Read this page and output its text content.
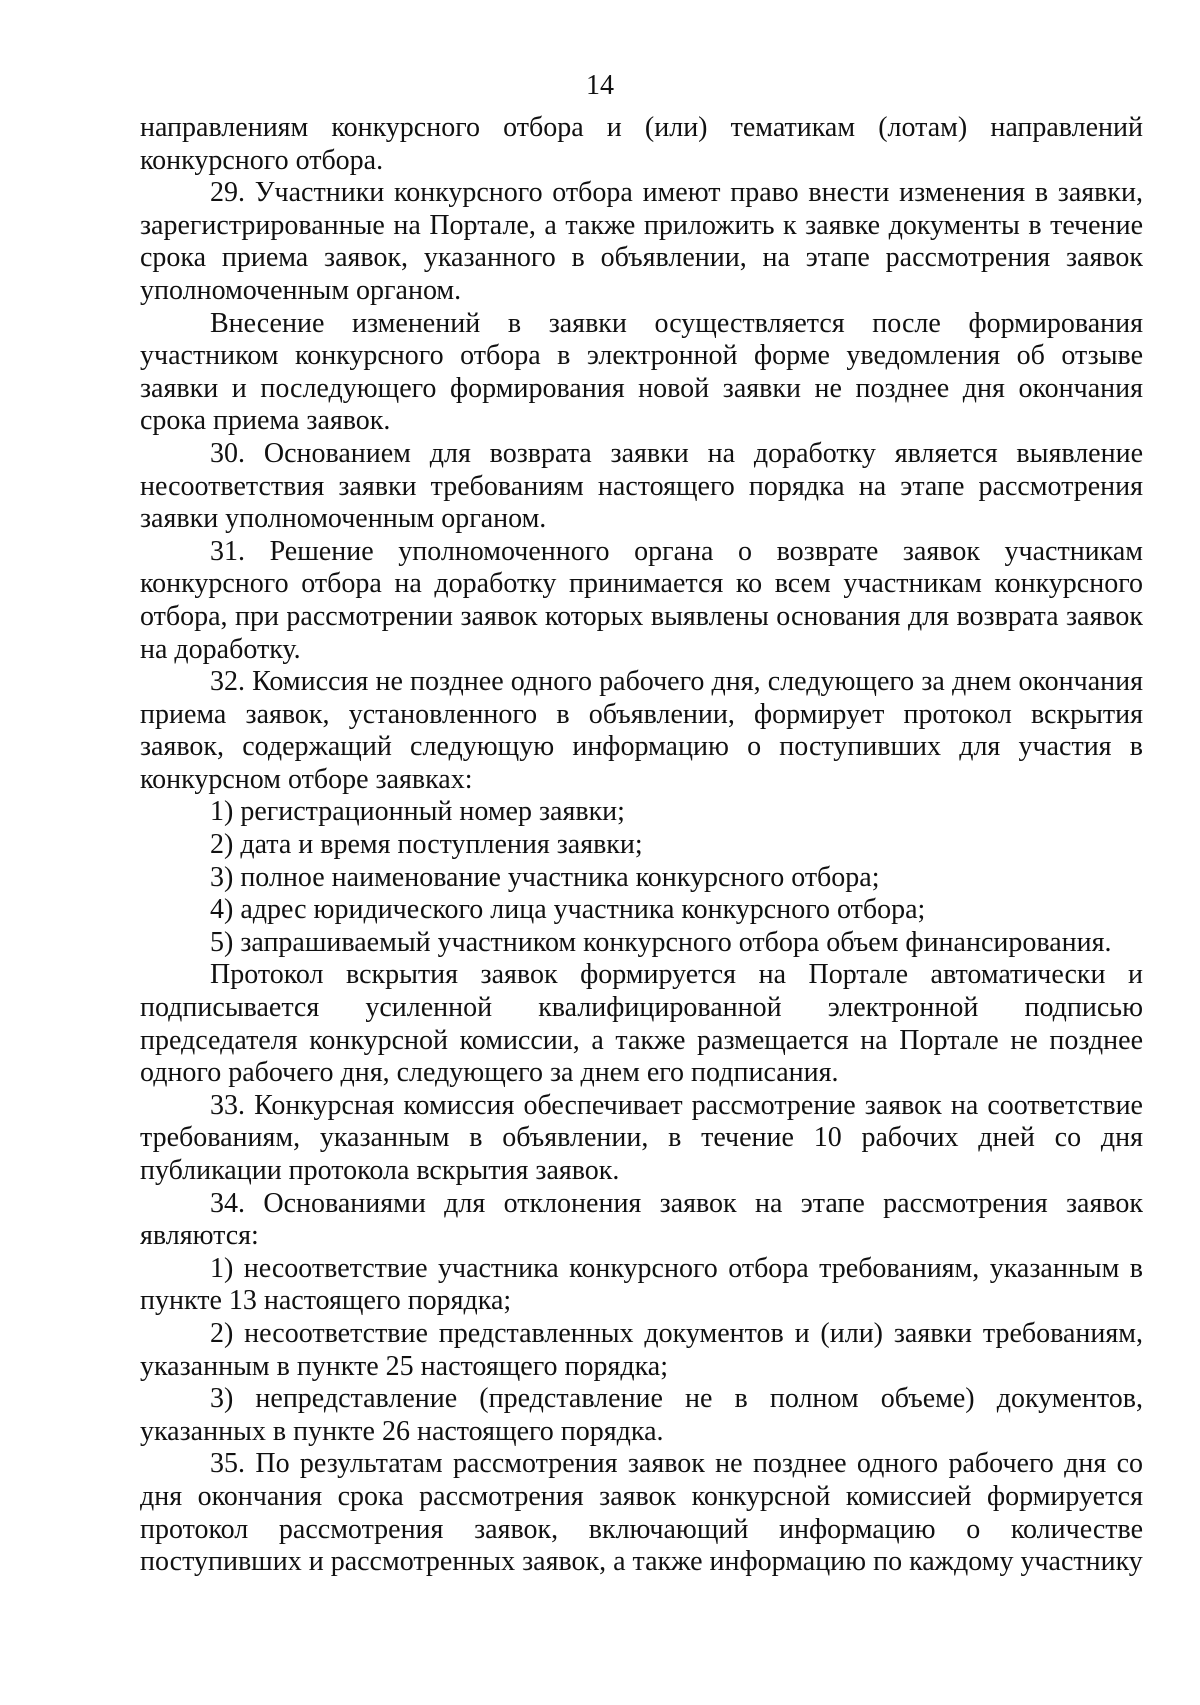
14

направлениям конкурсного отбора и (или) тематикам (лотам) направлений конкурсного отбора.

29. Участники конкурсного отбора имеют право внести изменения в заявки, зарегистрированные на Портале, а также приложить к заявке документы в течение срока приема заявок, указанного в объявлении, на этапе рассмотрения заявок уполномоченным органом.

Внесение изменений в заявки осуществляется после формирования участником конкурсного отбора в электронной форме уведомления об отзыве заявки и последующего формирования новой заявки не позднее дня окончания срока приема заявок.

30. Основанием для возврата заявки на доработку является выявление несоответствия заявки требованиям настоящего порядка на этапе рассмотрения заявки уполномоченным органом.

31. Решение уполномоченного органа о возврате заявок участникам конкурсного отбора на доработку принимается ко всем участникам конкурсного отбора, при рассмотрении заявок которых выявлены основания для возврата заявок на доработку.

32. Комиссия не позднее одного рабочего дня, следующего за днем окончания приема заявок, установленного в объявлении, формирует протокол вскрытия заявок, содержащий следующую информацию о поступивших для участия в конкурсном отборе заявках:

1) регистрационный номер заявки;

2) дата и время поступления заявки;

3) полное наименование участника конкурсного отбора;

4) адрес юридического лица участника конкурсного отбора;

5) запрашиваемый участником конкурсного отбора объем финансирования.

Протокол вскрытия заявок формируется на Портале автоматически и подписывается усиленной квалифицированной электронной подписью председателя конкурсной комиссии, а также размещается на Портале не позднее одного рабочего дня, следующего за днем его подписания.

33. Конкурсная комиссия обеспечивает рассмотрение заявок на соответствие требованиям, указанным в объявлении, в течение 10 рабочих дней со дня публикации протокола вскрытия заявок.

34. Основаниями для отклонения заявок на этапе рассмотрения заявок являются:

1) несоответствие участника конкурсного отбора требованиям, указанным в пункте 13 настоящего порядка;

2) несоответствие представленных документов и (или) заявки требованиям, указанным в пункте 25 настоящего порядка;

3) непредставление (представление не в полном объеме) документов, указанных в пункте 26 настоящего порядка.

35. По результатам рассмотрения заявок не позднее одного рабочего дня со дня окончания срока рассмотрения заявок конкурсной комиссией формируется протокол рассмотрения заявок, включающий информацию о количестве поступивших и рассмотренных заявок, а также информацию по каждому участнику
